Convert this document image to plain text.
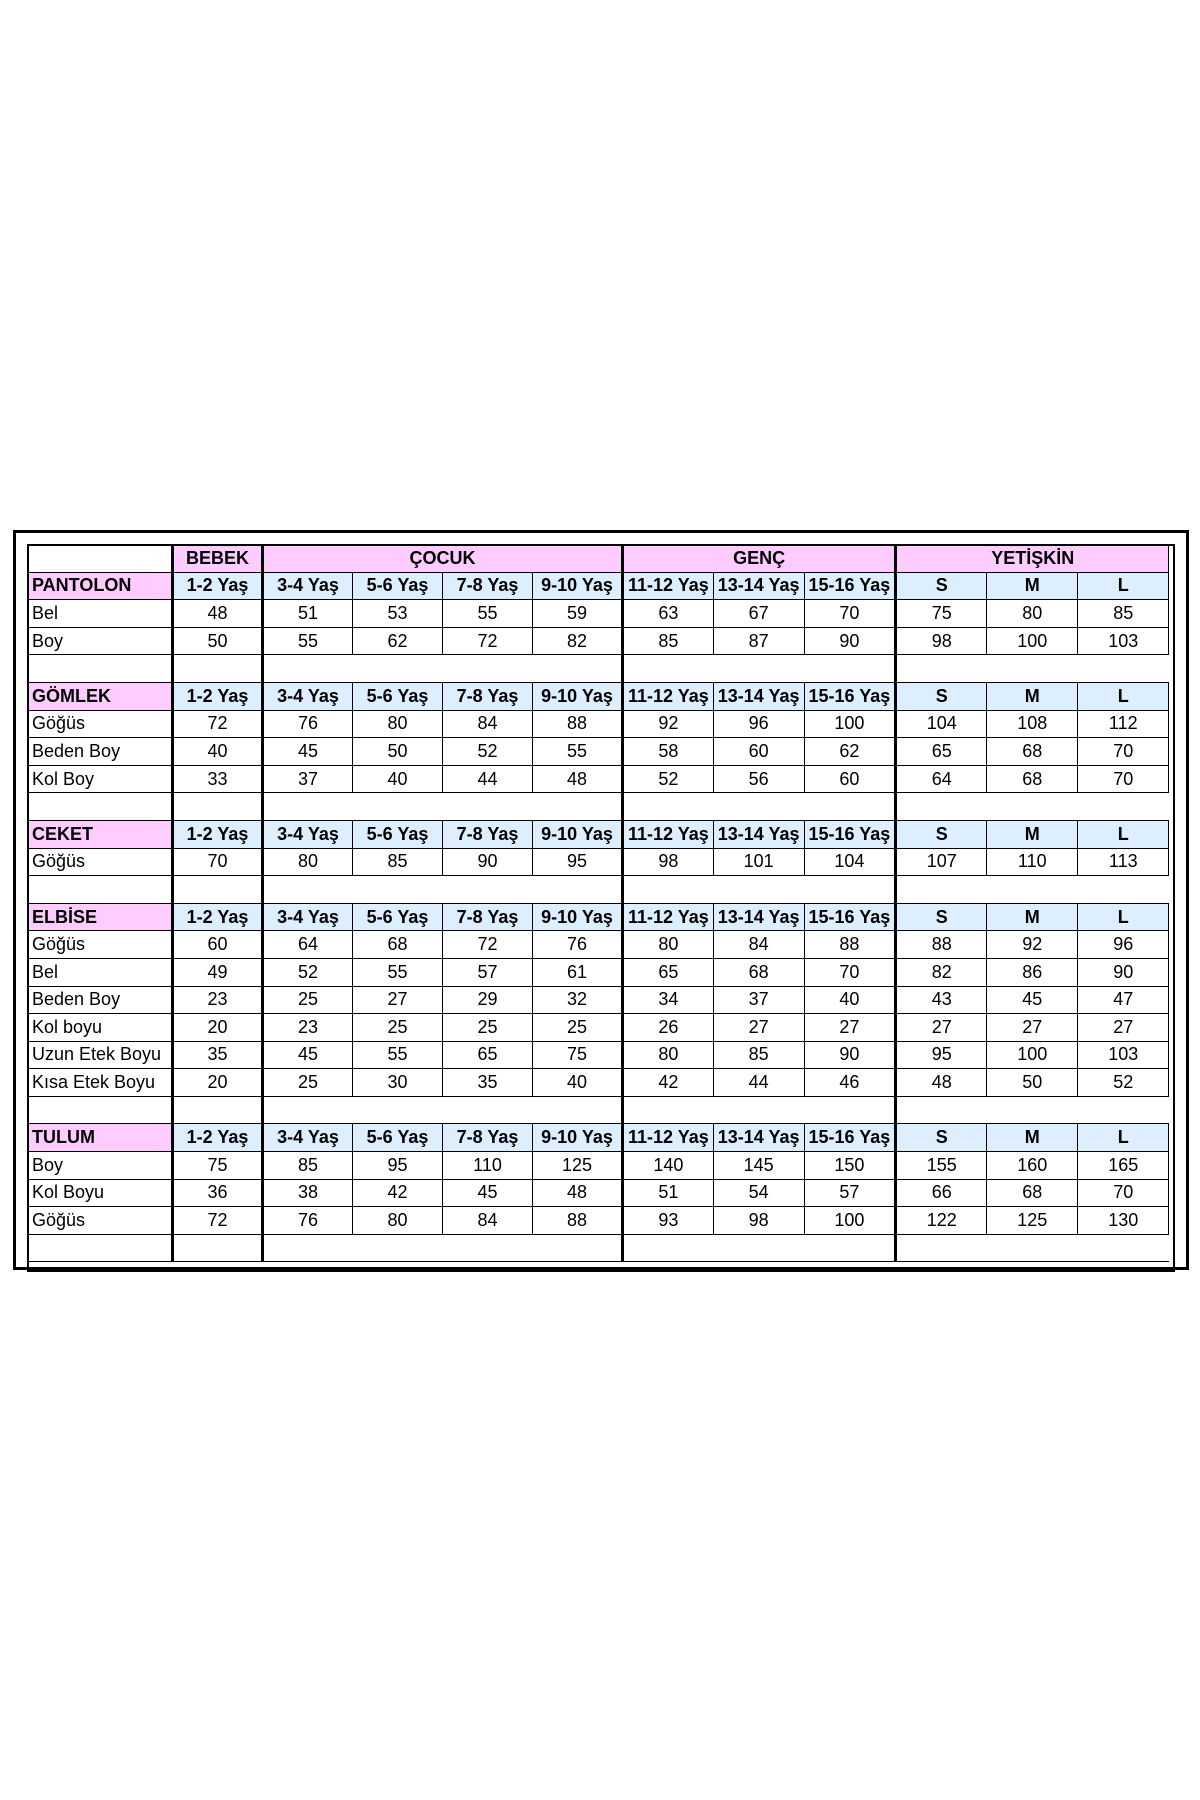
	BEBEK	ÇOCUK				GENÇ			YETİŞKİN		
PANTOLON	1-2 Yaş	3-4 Yaş	5-6 Yaş	7-8 Yaş	9-10 Yaş	11-12 Yaş	13-14 Yaş	15-16 Yaş	S	M	L
Bel	48	51	53	55	59	63	67	70	75	80	85
Boy	50	55	62	72	82	85	87	90	98	100	103

GÖMLEK	1-2 Yaş	3-4 Yaş	5-6 Yaş	7-8 Yaş	9-10 Yaş	11-12 Yaş	13-14 Yaş	15-16 Yaş	S	M	L
Göğüs	72	76	80	84	88	92	96	100	104	108	112
Beden Boy	40	45	50	52	55	58	60	62	65	68	70
Kol Boy	33	37	40	44	48	52	56	60	64	68	70

CEKET	1-2 Yaş	3-4 Yaş	5-6 Yaş	7-8 Yaş	9-10 Yaş	11-12 Yaş	13-14 Yaş	15-16 Yaş	S	M	L
Göğüs	70	80	85	90	95	98	101	104	107	110	113

ELBİSE	1-2 Yaş	3-4 Yaş	5-6 Yaş	7-8 Yaş	9-10 Yaş	11-12 Yaş	13-14 Yaş	15-16 Yaş	S	M	L
Göğüs	60	64	68	72	76	80	84	88	88	92	96
Bel	49	52	55	57	61	65	68	70	82	86	90
Beden Boy	23	25	27	29	32	34	37	40	43	45	47
Kol boyu	20	23	25	25	25	26	27	27	27	27	27
Uzun Etek Boyu	35	45	55	65	75	80	85	90	95	100	103
Kısa Etek Boyu	20	25	30	35	40	42	44	46	48	50	52

TULUM	1-2 Yaş	3-4 Yaş	5-6 Yaş	7-8 Yaş	9-10 Yaş	11-12 Yaş	13-14 Yaş	15-16 Yaş	S	M	L
Boy	75	85	95	110	125	140	145	150	155	160	165
Kol Boyu	36	38	42	45	48	51	54	57	66	68	70
Göğüs	72	76	80	84	88	93	98	100	122	125	130
